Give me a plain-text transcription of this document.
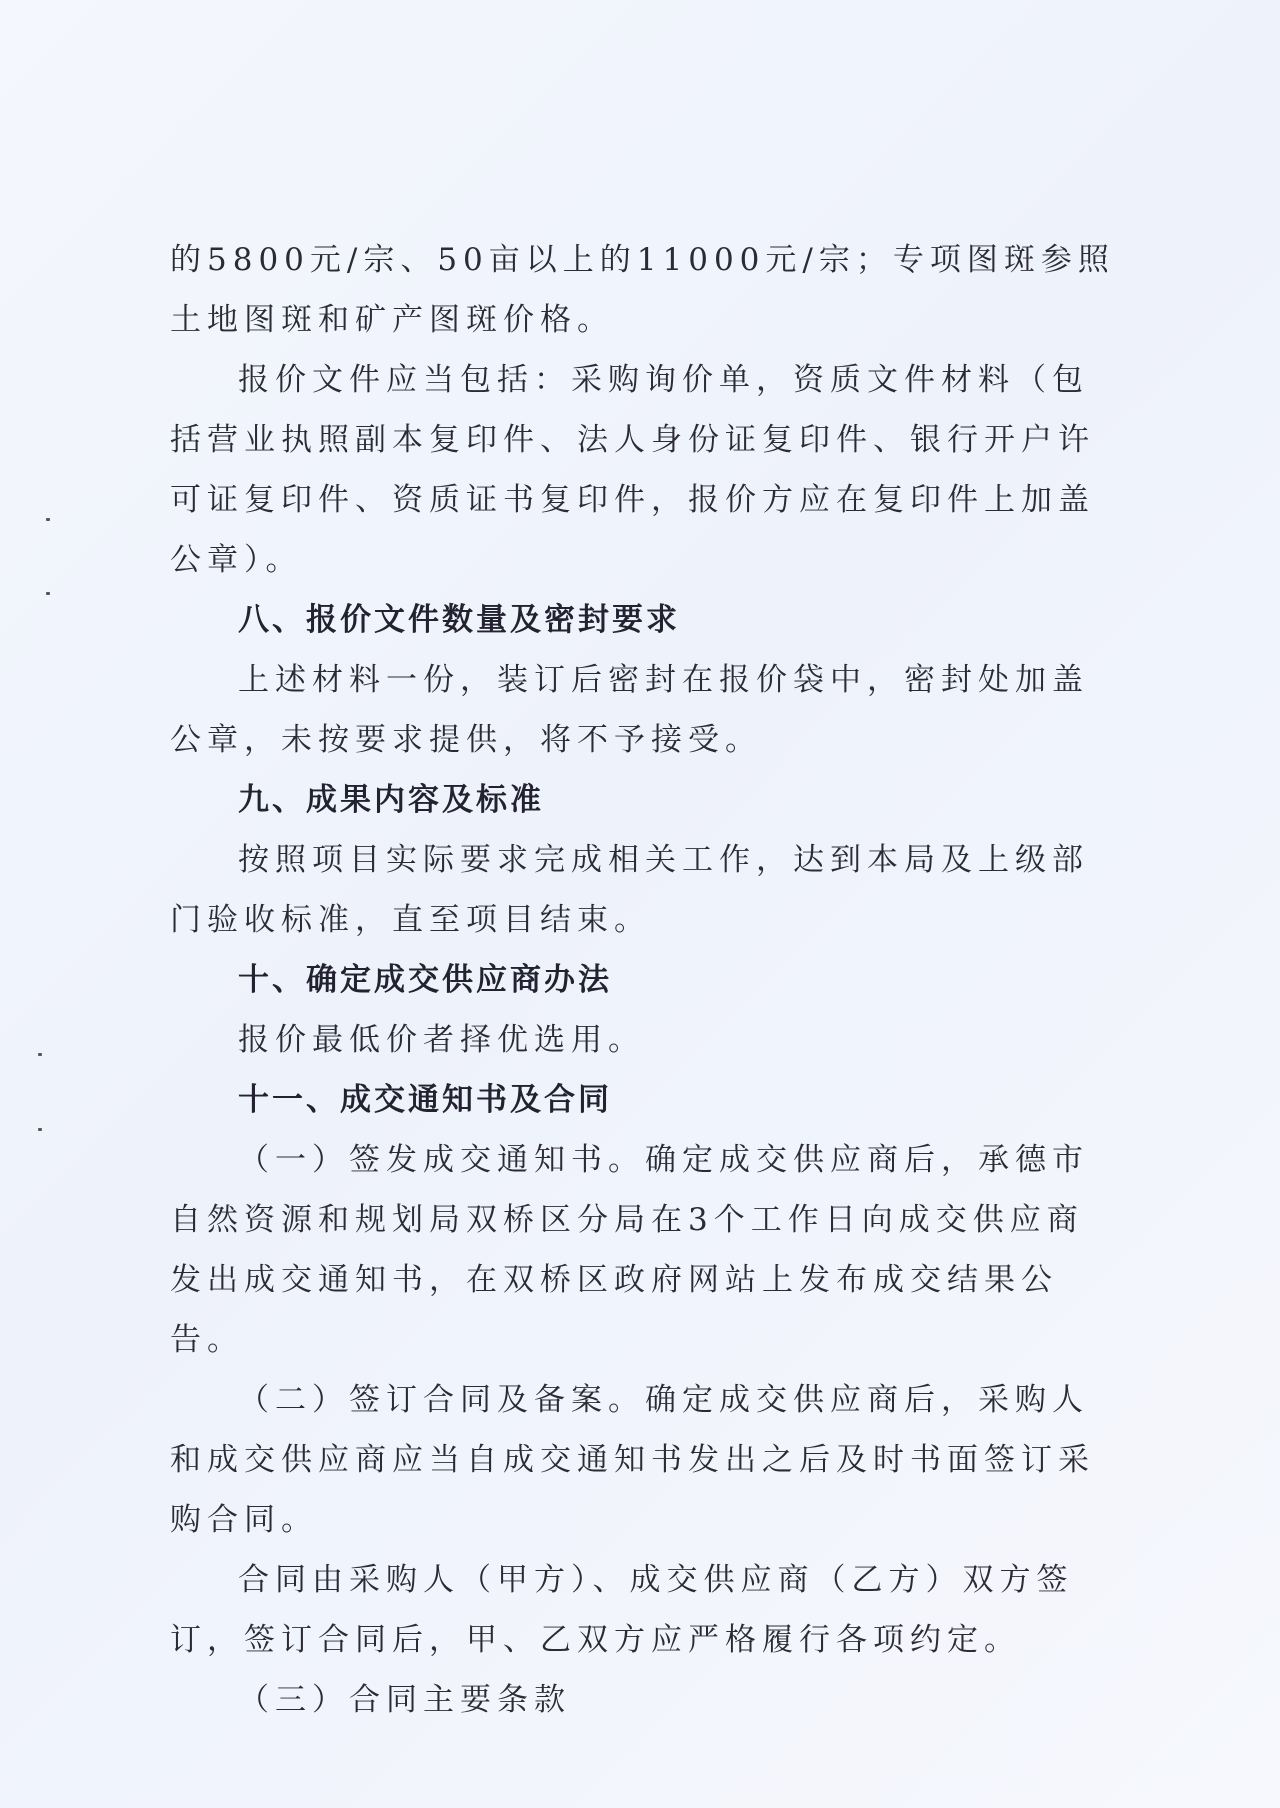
的5800元/宗、50亩以上的11000元/宗；专项图斑参照土地图斑和矿产图斑价格。

报价文件应当包括：采购询价单，资质文件材料（包括营业执照副本复印件、法人身份证复印件、银行开户许可证复印件、资质证书复印件，报价方应在复印件上加盖公章）。

八、报价文件数量及密封要求

上述材料一份，装订后密封在报价袋中，密封处加盖公章，未按要求提供，将不予接受。

九、成果内容及标准

按照项目实际要求完成相关工作，达到本局及上级部门验收标准，直至项目结束。

十、确定成交供应商办法

报价最低价者择优选用。

十一、成交通知书及合同

（一）签发成交通知书。确定成交供应商后，承德市自然资源和规划局双桥区分局在3个工作日向成交供应商发出成交通知书，在双桥区政府网站上发布成交结果公告。

（二）签订合同及备案。确定成交供应商后，采购人和成交供应商应当自成交通知书发出之后及时书面签订采购合同。

合同由采购人（甲方）、成交供应商（乙方）双方签订，签订合同后，甲、乙双方应严格履行各项约定。

（三）合同主要条款
